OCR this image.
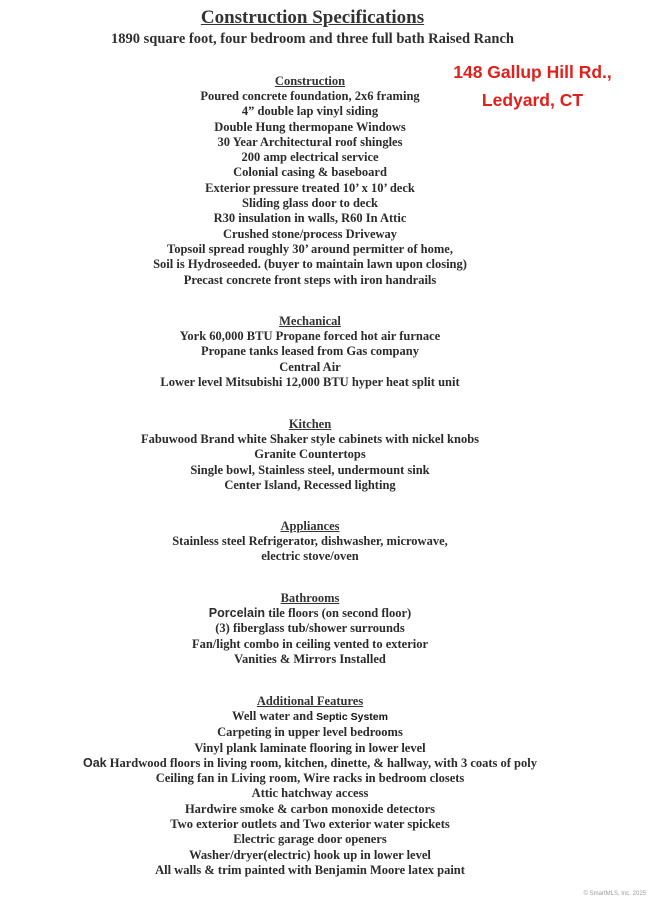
Construction Specifications
1890 square foot, four bedroom and three full bath Raised Ranch
148 Gallup Hill Rd.,
Ledyard, CT
Construction
Poured concrete foundation, 2x6 framing
4” double lap vinyl siding
Double Hung thermopane Windows
30 Year Architectural roof shingles
200 amp electrical service
Colonial casing & baseboard
Exterior pressure treated 10’ x 10’ deck
Sliding glass door to deck
R30 insulation in walls, R60 In Attic
Crushed stone/process Driveway
Topsoil spread roughly 30’ around permitter of home,
Soil is Hydroseeded. (buyer to maintain lawn upon closing)
Precast concrete front steps with iron handrails
Mechanical
York 60,000 BTU Propane forced hot air furnace
Propane tanks leased from Gas company
Central Air
Lower level Mitsubishi 12,000 BTU hyper heat split unit
Kitchen
Fabuwood Brand white Shaker style cabinets with nickel knobs
Granite Countertops
Single bowl, Stainless steel, undermount sink
Center Island, Recessed lighting
Appliances
Stainless steel Refrigerator, dishwasher, microwave,
electric stove/oven
Bathrooms
Porcelain tile floors (on second floor)
(3) fiberglass tub/shower surrounds
Fan/light combo in ceiling vented to exterior
Vanities & Mirrors Installed
Additional Features
Well water and Septic System
Carpeting in upper level bedrooms
Vinyl plank laminate flooring in lower level
Oak Hardwood floors in living room, kitchen, dinette, & hallway, with 3 coats of poly
Ceiling fan in Living room, Wire racks in bedroom closets
Attic hatchway access
Hardwire smoke & carbon monoxide detectors
Two exterior outlets and Two exterior water spickets
Electric garage door openers
Washer/dryer(electric) hook up in lower level
All walls & trim painted with Benjamin Moore latex paint
© SmartMLS, Inc. 2025
